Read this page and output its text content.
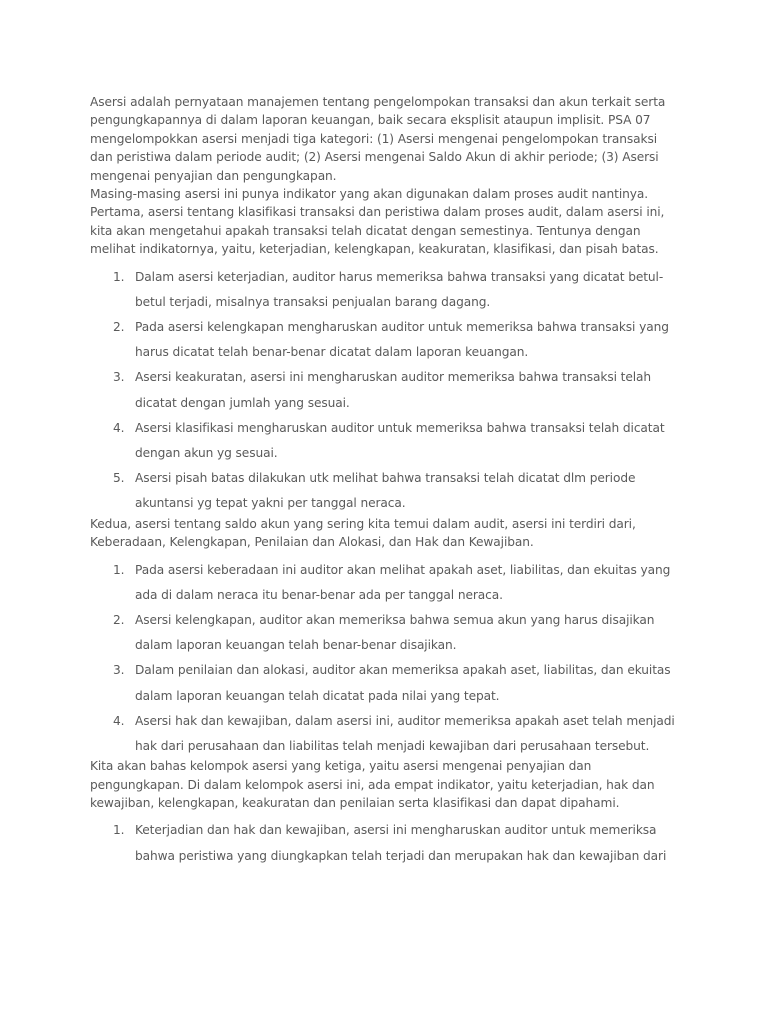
Asersi adalah pernyataan manajemen tentang pengelompokan transaksi dan akun terkait serta pengungkapannya di dalam laporan keuangan, baik secara eksplisit ataupun implisit. PSA 07 mengelompokkan asersi menjadi tiga kategori: (1) Asersi mengenai pengelompokan transaksi dan peristiwa dalam periode audit; (2) Asersi mengenai Saldo Akun di akhir periode; (3) Asersi mengenai penyajian dan pengungkapan.

Masing-masing asersi ini punya indikator yang akan digunakan dalam proses audit nantinya. Pertama, asersi tentang klasifikasi transaksi dan peristiwa dalam proses audit, dalam asersi ini, kita akan mengetahui apakah transaksi telah dicatat dengan semestinya. Tentunya dengan melihat indikatornya, yaitu, keterjadian, kelengkapan, keakuratan, klasifikasi, dan pisah batas.

1. Dalam asersi keterjadian, auditor harus memeriksa bahwa transaksi yang dicatat betul-betul terjadi, misalnya transaksi penjualan barang dagang.
2. Pada asersi kelengkapan mengharuskan auditor untuk memeriksa bahwa transaksi yang harus dicatat telah benar-benar dicatat dalam laporan keuangan.
3. Asersi keakuratan, asersi ini mengharuskan auditor memeriksa bahwa transaksi telah dicatat dengan jumlah yang sesuai.
4. Asersi klasifikasi mengharuskan auditor untuk memeriksa bahwa transaksi telah dicatat dengan akun yg sesuai.
5. Asersi pisah batas dilakukan utk melihat bahwa transaksi telah dicatat dlm periode akuntansi yg tepat yakni per tanggal neraca.

Kedua, asersi tentang saldo akun yang sering kita temui dalam audit, asersi ini terdiri dari, Keberadaan, Kelengkapan, Penilaian dan Alokasi, dan Hak dan Kewajiban.

1. Pada asersi keberadaan ini auditor akan melihat apakah aset, liabilitas, dan ekuitas yang ada di dalam neraca itu benar-benar ada per tanggal neraca.
2. Asersi kelengkapan, auditor akan memeriksa bahwa semua akun yang harus disajikan dalam laporan keuangan telah benar-benar disajikan.
3. Dalam penilaian dan alokasi, auditor akan memeriksa apakah aset, liabilitas, dan ekuitas dalam laporan keuangan telah dicatat pada nilai yang tepat.
4. Asersi hak dan kewajiban, dalam asersi ini, auditor memeriksa apakah aset telah menjadi hak dari perusahaan dan liabilitas telah menjadi kewajiban dari perusahaan tersebut.

Kita akan bahas kelompok asersi yang ketiga, yaitu asersi mengenai penyajian dan pengungkapan. Di dalam kelompok asersi ini, ada empat indikator, yaitu keterjadian, hak dan kewajiban, kelengkapan, keakuratan dan penilaian serta klasifikasi dan dapat dipahami.

1. Keterjadian dan hak dan kewajiban, asersi ini mengharuskan auditor untuk memeriksa bahwa peristiwa yang diungkapkan telah terjadi dan merupakan hak dan kewajiban dari
